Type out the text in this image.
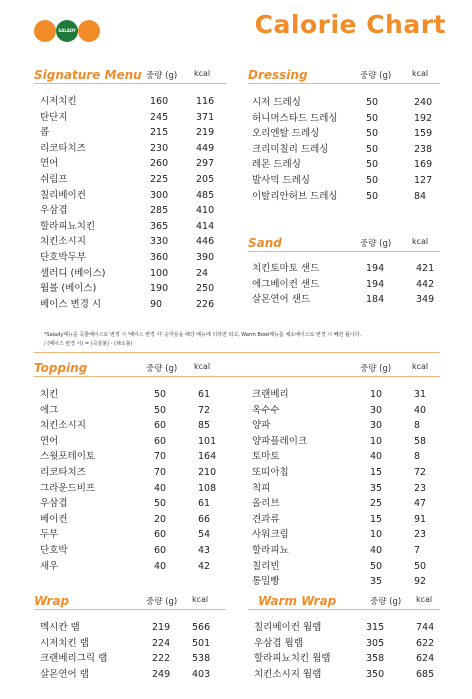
SALADY	Calorie Chart
Signature Menu 중량 (g) kcal
시저치킨	160	116
탄단지	245	371
콥	215	219
리코타치즈	230	449
연어	260	297
쉬림프	225	205
칠리베이컨	300	485
우삼겹	285	410
할라피뇨치킨	365	414
치킨소시지	330	446
단호박두부	360	390
샐러디 (베이스)	100	24
웜볼 (베이스)	190	250
베이스 변경 시	90	226
Dressing	중량 (g)	kcal
시저 드레싱	50	240
허니머스타드 드레싱	50	192
오리엔탈 드레싱	50	159
크리미칠리 드레싱	50	238
레몬 드레싱	50	169
발사믹 드레싱	50	127
이탈리안허브 드레싱	50	84
Sand	중량 (g)	kcal
치킨토마토 샌드	194	421
에그베이컨 샌드	194	442
살몬연어 샌드	184	349
*Salady메뉴를 곡물베이스로 변경 시 '베이스 변경 시' 숫자들을 해당 메뉴에 더하면 되고, Warm Bowl메뉴를 채소베이스로 변경 시 빼면 됩니다.
/ (베이스 변경 시) = (곡물볼) - (채소볼)
Topping	중량 (g) kcal	중량 (g)	kcal
치킨	50	61
에그	50	72
치킨소시지	60	85
연어	60	101
스윗포테이토	70	164
리코타치즈	70	210
그라운드비프	40	108
우삼겹	50	61
베이컨	20	66
두부	60	54
단호박	60	43
새우	40	42
크랜베리	10	31
옥수수	30	40
양파	30	8
양파플레이크	10	58
토마토	40	8
또띠아칩	15	72
칙피	35	23
올리브	25	47
견과류	15	91
사워크림	10	23
할라피뇨	40	7
칠리빈	50	50
통밀빵	35	92
Wrap	중량 (g) kcal
멕시칸 랩	219 566
시저치킨 랩	224 501
크랜베리그릭 랩	222 538
살몬연어 랩	249 403
Warm Wrap	중량 (g) kcal
칠리베이컨 웜랩	315	744
우삼겹 웜랩	305	622
할라피뇨치킨 웜랩	358	624
치킨소시지 웜랩	350	685
